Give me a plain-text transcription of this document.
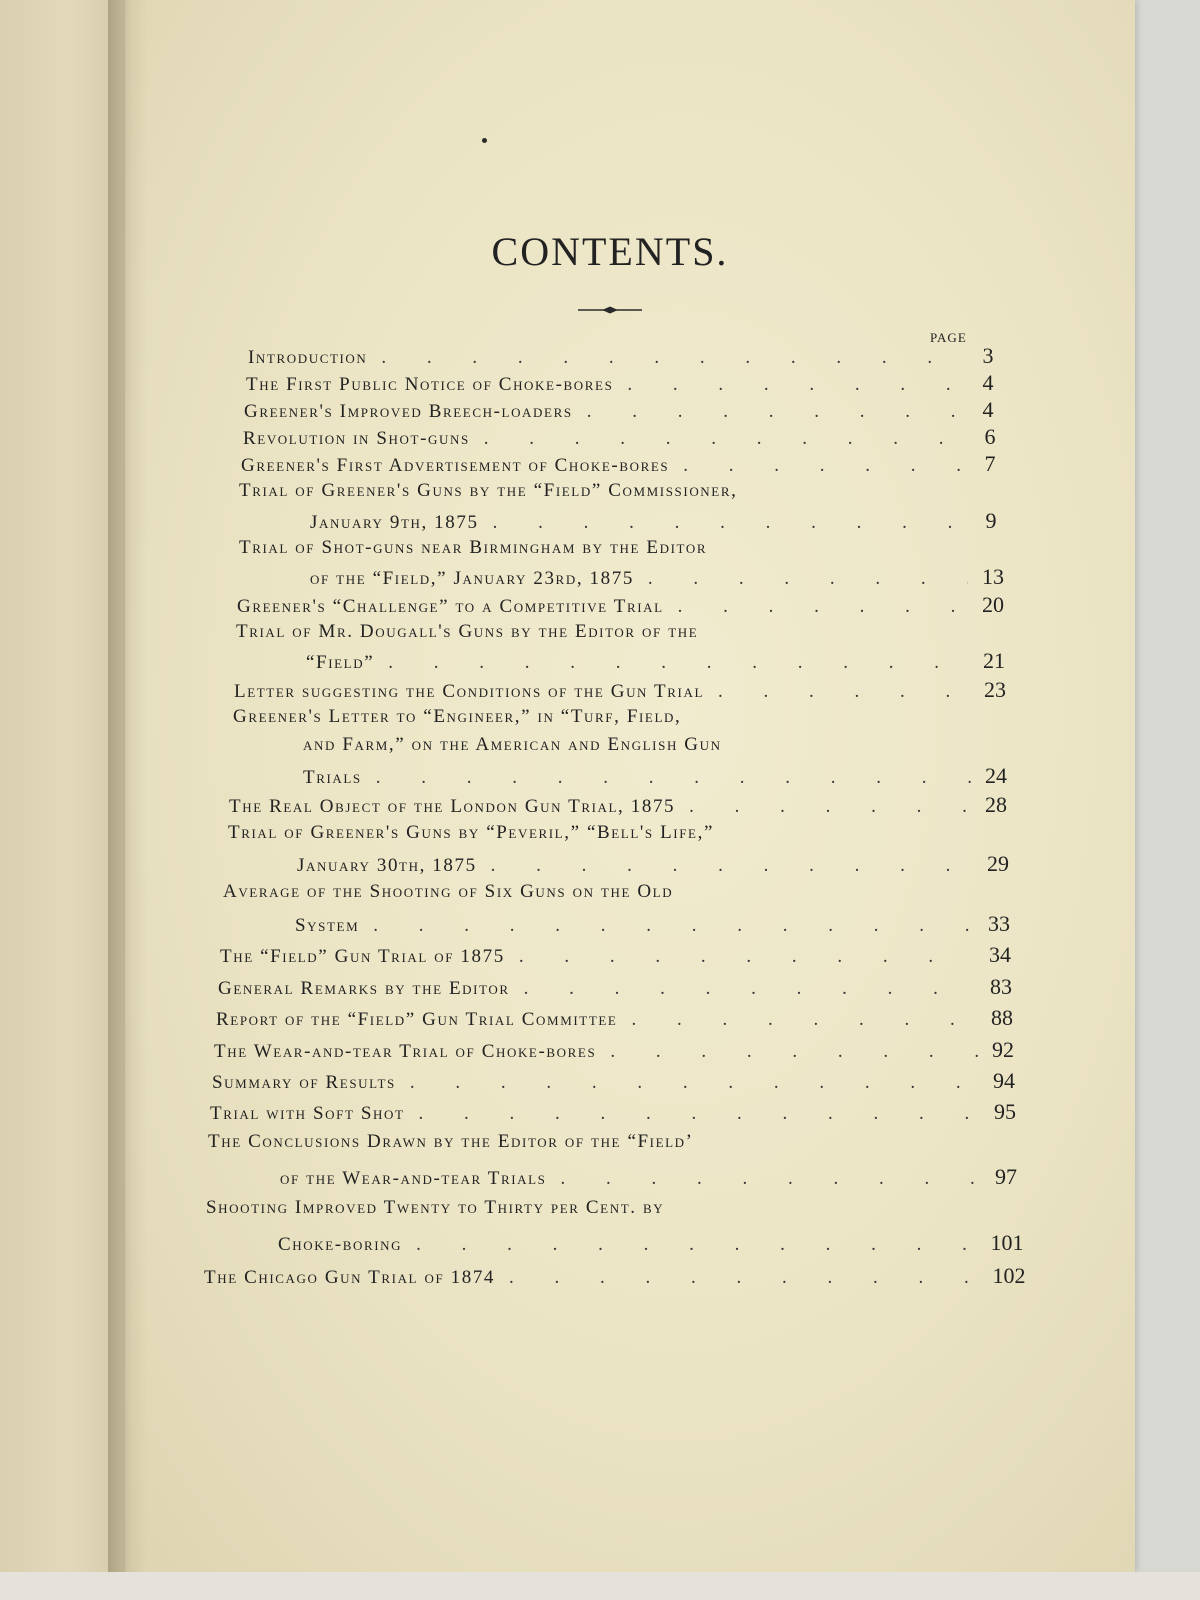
CONTENTS.
PAGE
Introduction . . .	3
The First Public Notice of Choke-bores . . .	4
Greener's Improved Breech-loaders . . .	4
Revolution in Shot-guns . . .	6
Greener's First Advertisement of Choke-bores . . .	7
Trial of Greener's Guns by the “Field” Commissioner,
January 9th, 1875 . . .	9
Trial of Shot-guns near Birmingham by the Editor
of the “Field,” January 23rd, 1875 . . .	13
Greener's “Challenge” to a Competitive Trial . . .	20
Trial of Mr. Dougall's Guns by the Editor of the
“Field” . . .	21
Letter suggesting the Conditions of the Gun Trial . . .	23
Greener's Letter to “Engineer,” in “Turf, Field,
and Farm,” on the American and English Gun
Trials . . .	24
The Real Object of the London Gun Trial, 1875 . . .	28
Trial of Greener's Guns by “Peveril,” “Bell's Life,”
January 30th, 1875 . . .	29
Average of the Shooting of Six Guns on the Old
System . . .	33
The “Field” Gun Trial of 1875 . . .	34
General Remarks by the Editor . . .	83
Report of the “Field” Gun Trial Committee . . .	88
The Wear-and-tear Trial of Choke-bores . . .	92
Summary of Results . . .	94
Trial with Soft Shot . . .	95
The Conclusions Drawn by the Editor of the “Field’
of the Wear-and-tear Trials . . .	97
Shooting Improved Twenty to Thirty per Cent. by
Choke-boring . . .	101
The Chicago Gun Trial of 1874 . . .	102
